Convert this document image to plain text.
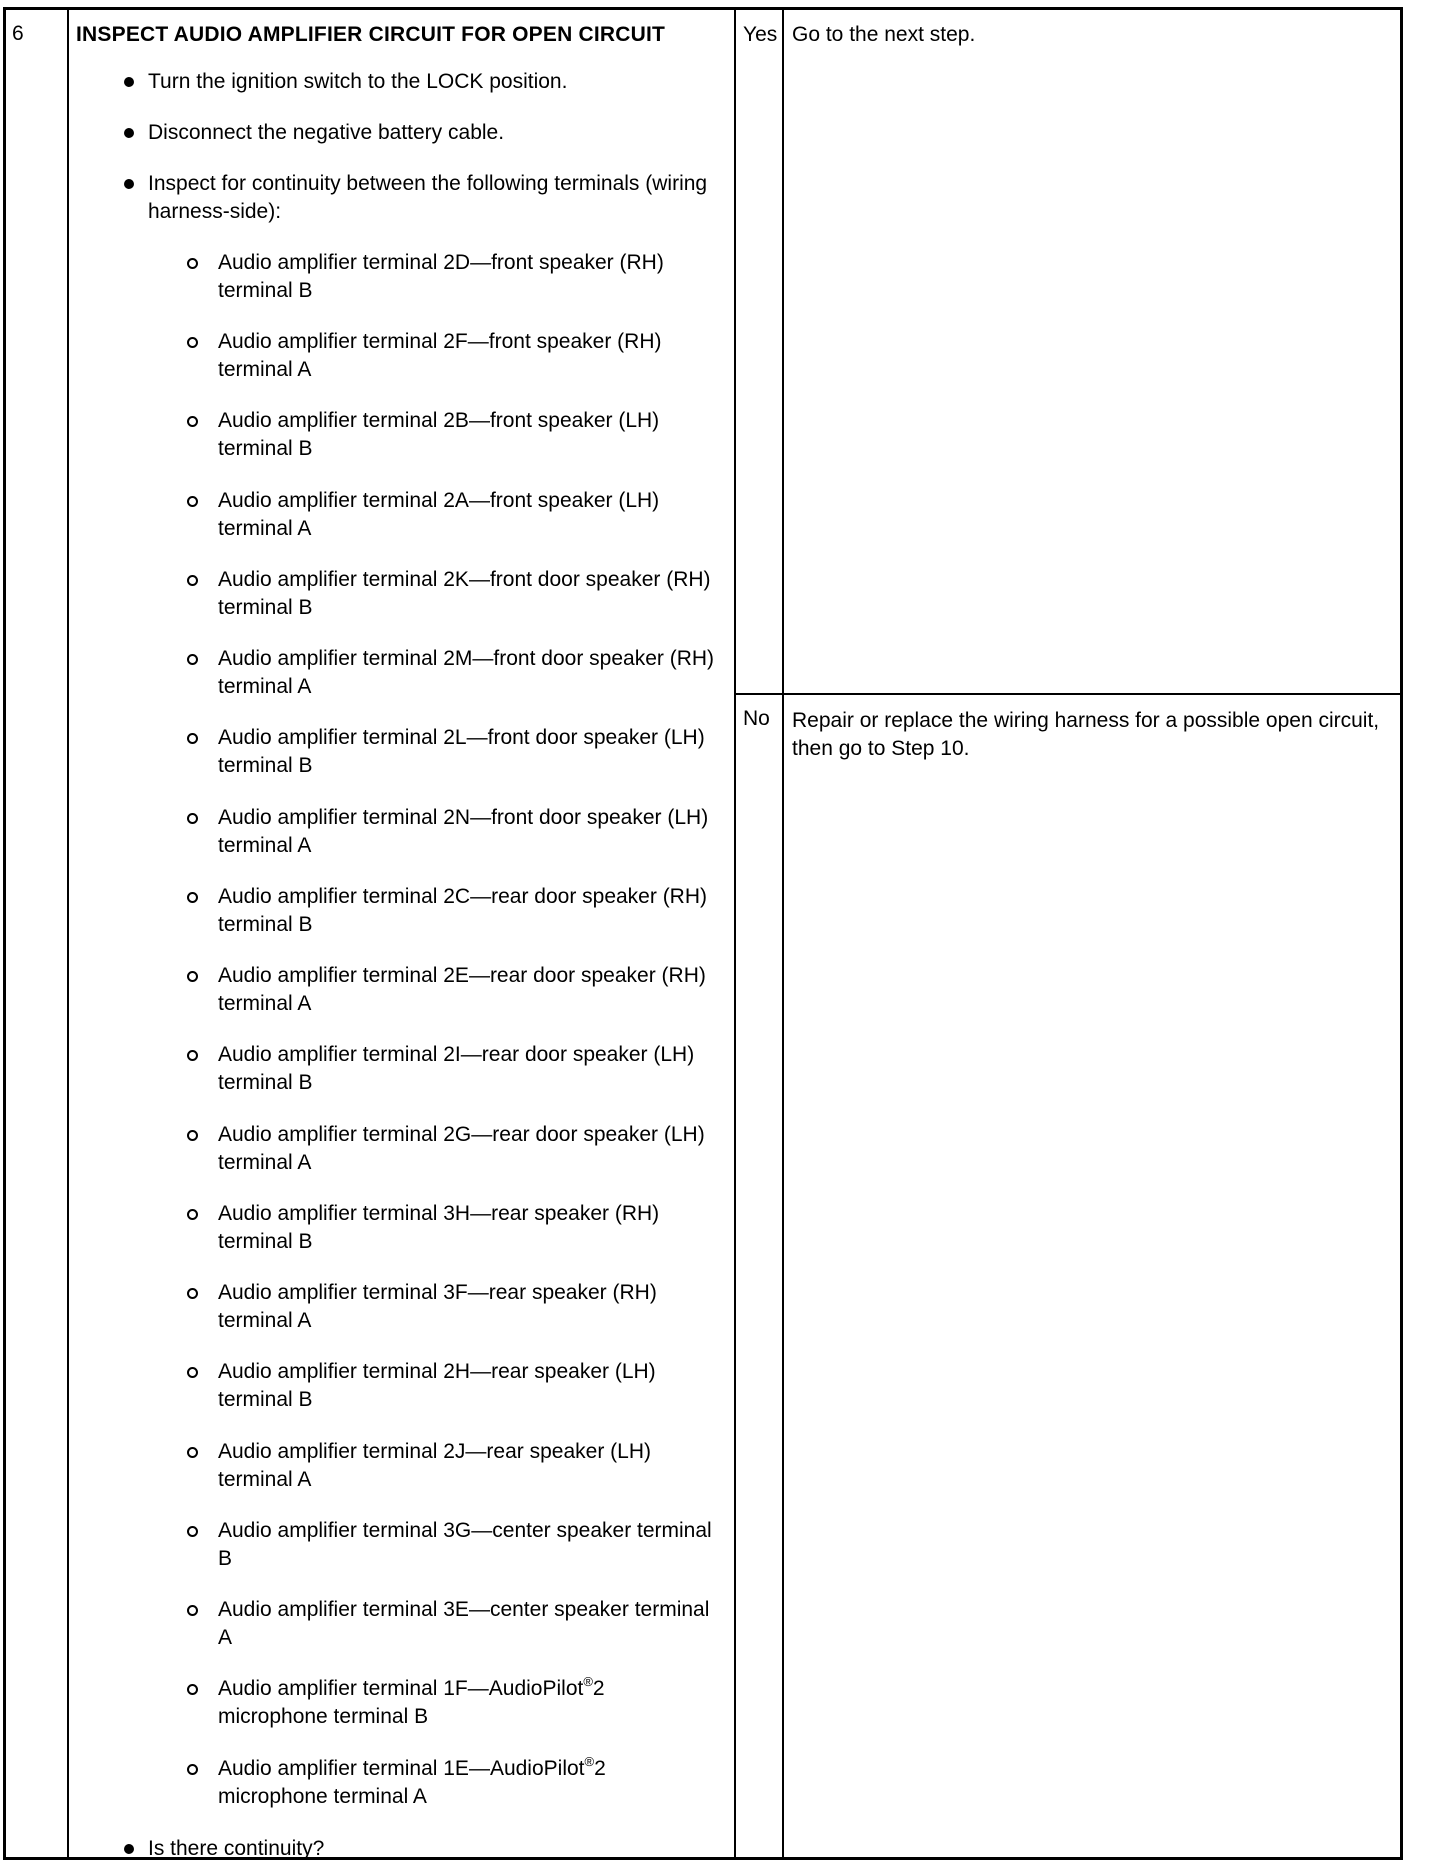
6 INSPECT AUDIO AMPLIFIER CIRCUIT FOR OPEN CIRCUIT
Turn the ignition switch to the LOCK position.
Disconnect the negative battery cable.
Inspect for continuity between the following terminals (wiring harness-side):
Audio amplifier terminal 2D—front speaker (RH) terminal B
Audio amplifier terminal 2F—front speaker (RH) terminal A
Audio amplifier terminal 2B—front speaker (LH) terminal B
Audio amplifier terminal 2A—front speaker (LH) terminal A
Audio amplifier terminal 2K—front door speaker (RH) terminal B
Audio amplifier terminal 2M—front door speaker (RH) terminal A
Audio amplifier terminal 2L—front door speaker (LH) terminal B
Audio amplifier terminal 2N—front door speaker (LH) terminal A
Audio amplifier terminal 2C—rear door speaker (RH) terminal B
Audio amplifier terminal 2E—rear door speaker (RH) terminal A
Audio amplifier terminal 2I—rear door speaker (LH) terminal B
Audio amplifier terminal 2G—rear door speaker (LH) terminal A
Audio amplifier terminal 3H—rear speaker (RH) terminal B
Audio amplifier terminal 3F—rear speaker (RH) terminal A
Audio amplifier terminal 2H—rear speaker (LH) terminal B
Audio amplifier terminal 2J—rear speaker (LH) terminal A
Audio amplifier terminal 3G—center speaker terminal B
Audio amplifier terminal 3E—center speaker terminal A
Audio amplifier terminal 1F—AudioPilot®2 microphone terminal B
Audio amplifier terminal 1E—AudioPilot®2 microphone terminal A
Is there continuity?
Yes Go to the next step.
No Repair or replace the wiring harness for a possible open circuit, then go to Step 10.
